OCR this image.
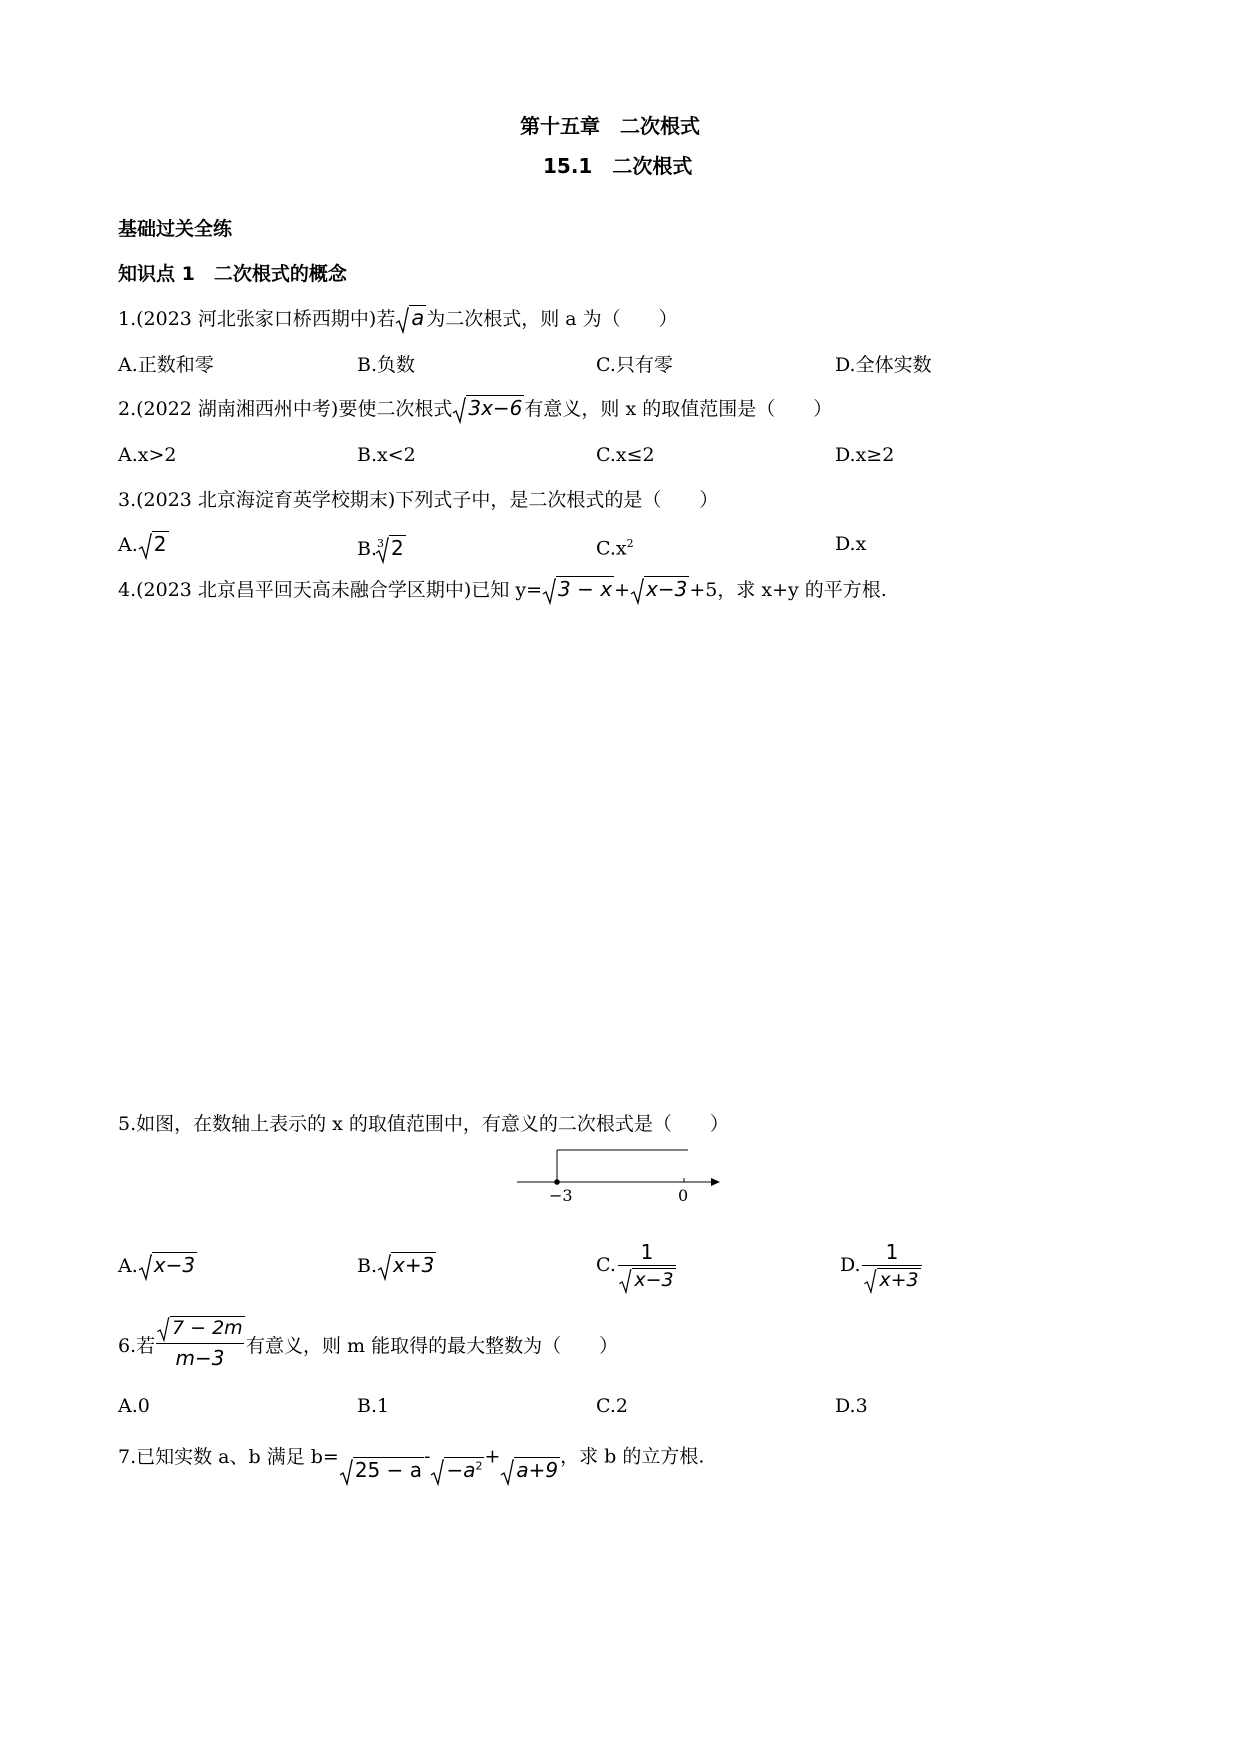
第十五章　二次根式
15.1　二次根式
基础过关全练
知识点 1　二次根式的概念
1.(2023 河北张家口桥西期中)若 a 为二次根式，则 a 为（　　）
A.正数和零	B.负数	C.只有零	D.全体实数
2.(2022 湖南湘西州中考)要使二次根式 3x−6 有意义，则 x 的取值范围是（　　）
A.x>2	B.x<2	C.x≤2	D.x≥2
3.(2023 北京海淀育英学校期末)下列式子中，是二次根式的是（　　）
A. 2	B.$^3$ 2	$C.x^2$	D.x
4.(2023 北京昌平回天高未融合学区期中)已知 y= 3 − x + x−3 +5，求 x+y 的平方根.
5.如图，在数轴上表示的 x 的取值范围中，有意义的二次根式是（　　）
−3	0
A. x−3	B. x+3	C.
1
x−3
D.
1
x+3
6.若
7 − 2m
m−3	有意义，则 m 能取得的最大整数为（　　）
A.0	B.1	C.2	D.3
7.已知实数 a、b 满足 $b=25 - a--a^2 +a+9$，求 b 的立方根.
